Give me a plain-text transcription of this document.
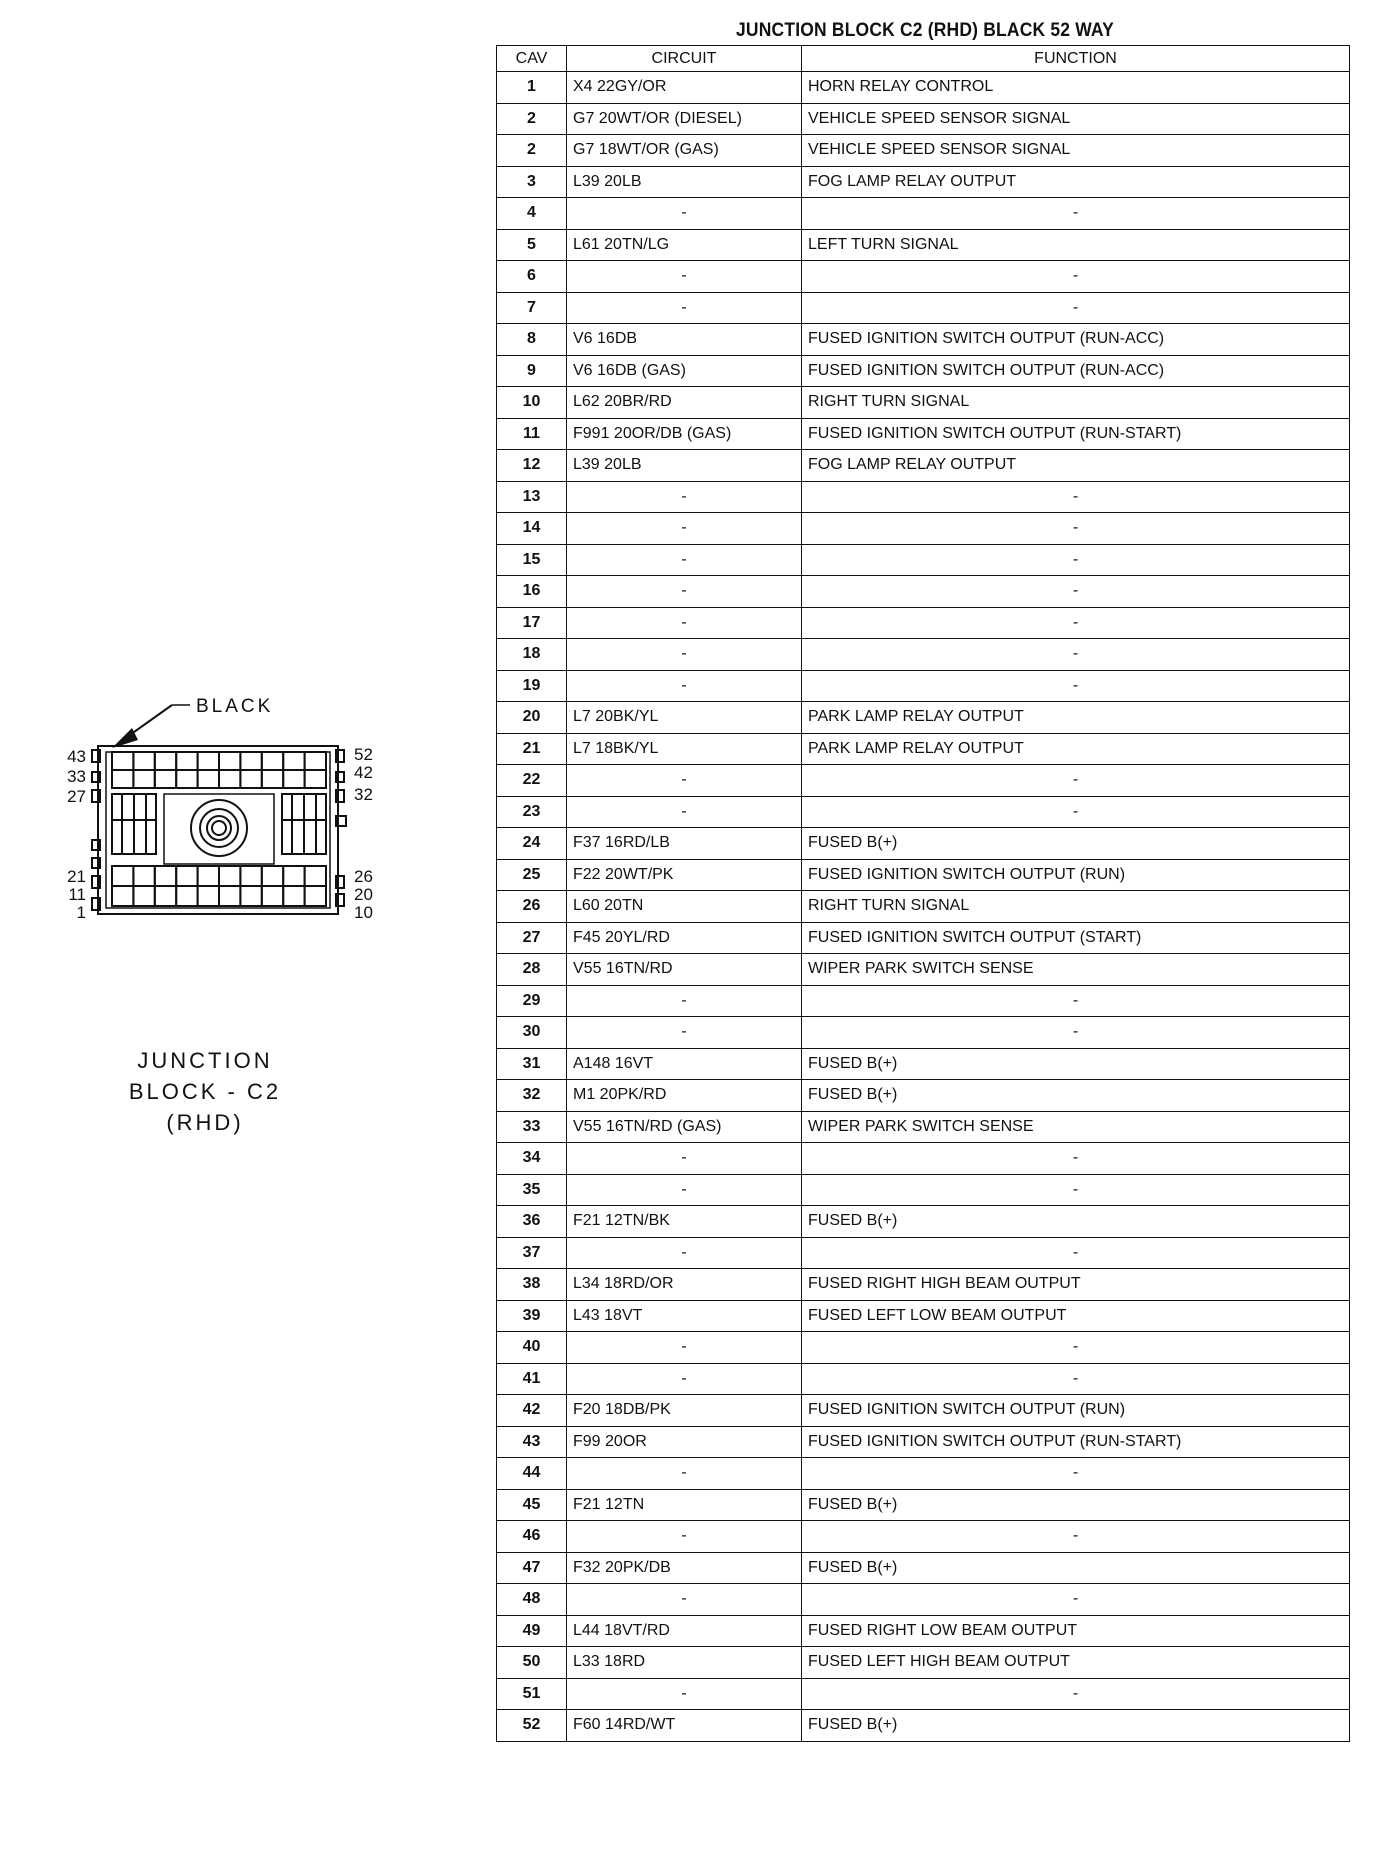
JUNCTION BLOCK C2 (RHD) BLACK 52 WAY
CAV	CIRCUIT	FUNCTION
1	X4 22GY/OR	HORN RELAY CONTROL
2	G7 20WT/OR (DIESEL)	VEHICLE SPEED SENSOR SIGNAL
2	G7 18WT/OR (GAS)	VEHICLE SPEED SENSOR SIGNAL
3	L39 20LB	FOG LAMP RELAY OUTPUT
4	-	-
5	L61 20TN/LG	LEFT TURN SIGNAL
6	-	-
7	-	-
8	V6 16DB	FUSED IGNITION SWITCH OUTPUT (RUN-ACC)
9	V6 16DB (GAS)	FUSED IGNITION SWITCH OUTPUT (RUN-ACC)
10	L62 20BR/RD	RIGHT TURN SIGNAL
11	F991 20OR/DB (GAS)	FUSED IGNITION SWITCH OUTPUT (RUN-START)
12	L39 20LB	FOG LAMP RELAY OUTPUT
13	-	-
14	-	-
15	-	-
16	-	-
17	-	-
18	-	-
19	-	-
20	L7 20BK/YL	PARK LAMP RELAY OUTPUT
21	L7 18BK/YL	PARK LAMP RELAY OUTPUT
22	-	-
23	-	-
24	F37 16RD/LB	FUSED B(+)
25	F22 20WT/PK	FUSED IGNITION SWITCH OUTPUT (RUN)
26	L60 20TN	RIGHT TURN SIGNAL
27	F45 20YL/RD	FUSED IGNITION SWITCH OUTPUT (START)
28	V55 16TN/RD	WIPER PARK SWITCH SENSE
29	-	-
30	-	-
31	A148 16VT	FUSED B(+)
32	M1 20PK/RD	FUSED B(+)
33	V55 16TN/RD (GAS)	WIPER PARK SWITCH SENSE
34	-	-
35	-	-
36	F21 12TN/BK	FUSED B(+)
37	-	-
38	L34 18RD/OR	FUSED RIGHT HIGH BEAM OUTPUT
39	L43 18VT	FUSED LEFT LOW BEAM OUTPUT
40	-	-
41	-	-
42	F20 18DB/PK	FUSED IGNITION SWITCH OUTPUT (RUN)
43	F99 20OR	FUSED IGNITION SWITCH OUTPUT (RUN-START)
44	-	-
45	F21 12TN	FUSED B(+)
46	-	-
47	F32 20PK/DB	FUSED B(+)
48	-	-
49	L44 18VT/RD	FUSED RIGHT LOW BEAM OUTPUT
50	L33 18RD	FUSED LEFT HIGH BEAM OUTPUT
51	-	-
52	F60 14RD/WT	FUSED B(+)
BLACK
43
33
27
21
11
1
52
42
32
26
20
10
JUNCTION
BLOCK - C2
(RHD)
